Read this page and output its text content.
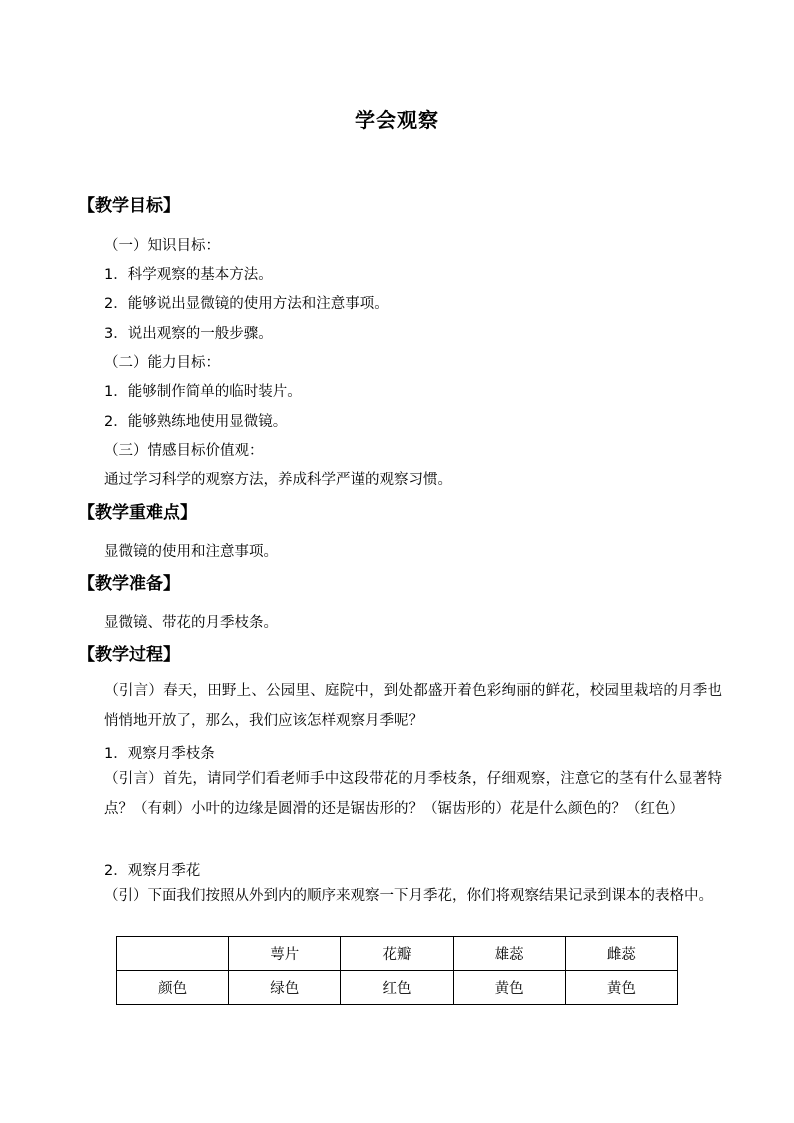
学会观察
【教学目标】
（一）知识目标：
1．科学观察的基本方法。
2．能够说出显微镜的使用方法和注意事项。
3．说出观察的一般步骤。
（二）能力目标：
1．能够制作简单的临时装片。
2．能够熟练地使用显微镜。
（三）情感目标价值观：
通过学习科学的观察方法，养成科学严谨的观察习惯。
【教学重难点】
显微镜的使用和注意事项。
【教学准备】
显微镜、带花的月季枝条。
【教学过程】
（引言）春天，田野上、公园里、庭院中，到处都盛开着色彩绚丽的鲜花，校园里栽培的月季也悄悄地开放了，那么，我们应该怎样观察月季呢？
1．观察月季枝条
（引言）首先，请同学们看老师手中这段带花的月季枝条，仔细观察，注意它的茎有什么显著特点？（有刺）小叶的边缘是圆滑的还是锯齿形的？（锯齿形的）花是什么颜色的？（红色）
2．观察月季花
（引）下面我们按照从外到内的顺序来观察一下月季花，你们将观察结果记录到课本的表格中。
	萼片	花瓣	雄蕊	雌蕊
颜色	绿色	红色	黄色	黄色
